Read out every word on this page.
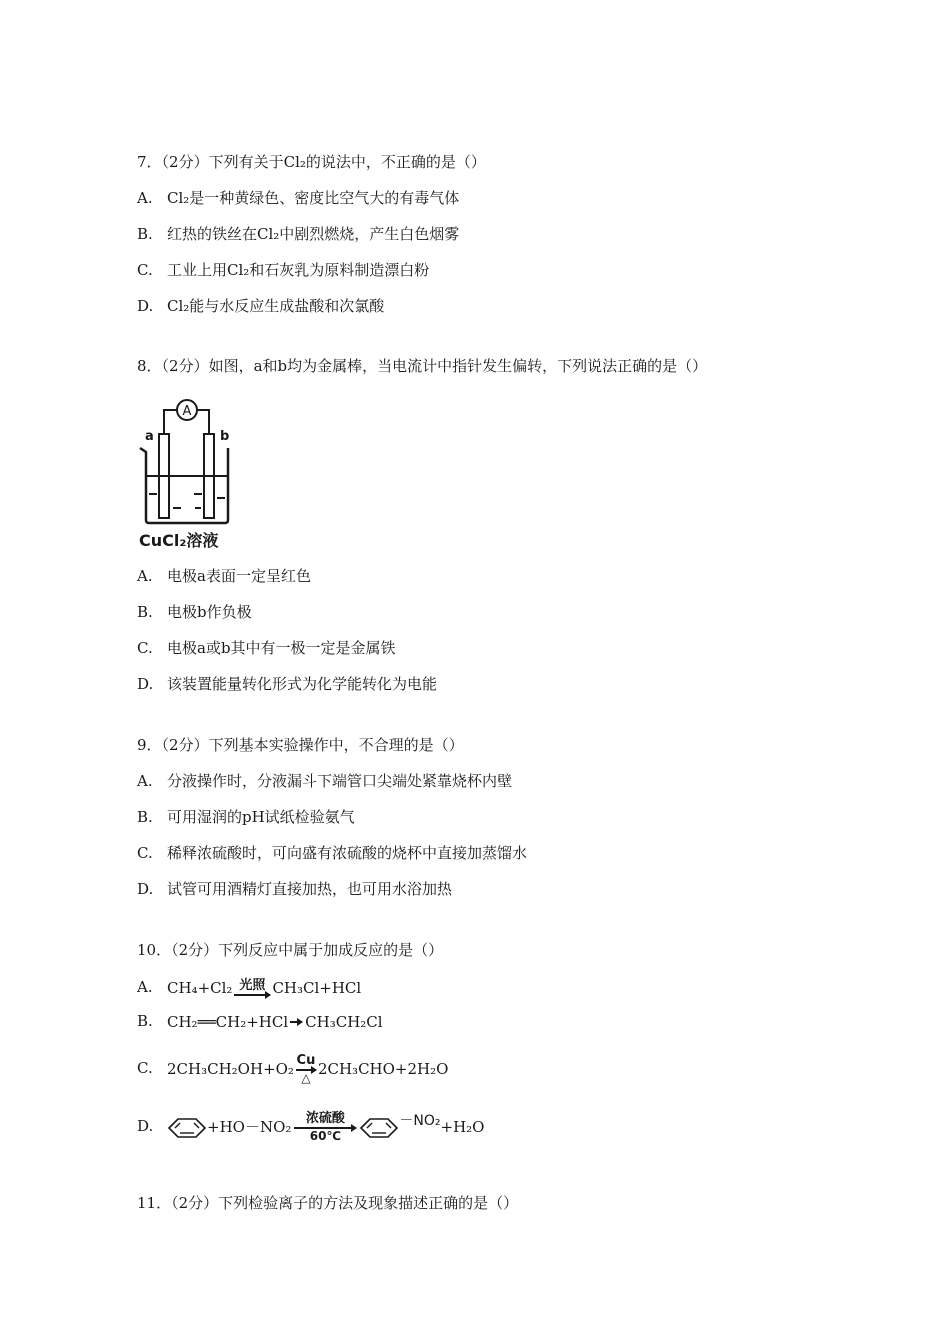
7．（2分）下列有关于Cl₂的说法中，不正确的是（）
A. Cl₂是一种黄绿色、密度比空气大的有毒气体
B. 红热的铁丝在Cl₂中剧烈燃烧，产生白色烟雾
C. 工业上用Cl₂和石灰乳为原料制造漂白粉
D. Cl₂能与水反应生成盐酸和次氯酸
8．（2分）如图，a和b均为金属棒，当电流计中指针发生偏转，下列说法正确的是（）
A
a	b
CuCl₂溶液
A. 电极a表面一定呈红色
B. 电极b作负极
C. 电极a或b其中有一极一定是金属铁
D. 该装置能量转化形式为化学能转化为电能
9．（2分）下列基本实验操作中，不合理的是（）
A. 分液操作时，分液漏斗下端管口尖端处紧靠烧杯内壁
B. 可用湿润的pH试纸检验氨气
C. 稀释浓硫酸时，可向盛有浓硫酸的烧杯中直接加蒸馏水
D. 试管可用酒精灯直接加热，也可用水浴加热
10．（2分）下列反应中属于加成反应的是（）
A. CH₄+Cl₂ 光照 CH₃Cl+HCl
B. CH₂══CH₂+HCl CH₃CH₂Cl
C. 2CH₃CH₂OH+O₂ Cu
△ 2CH₃CHO+2H₂O
D.	+HO－NO₂	浓硫酸
60℃
－NO₂+H₂O
11．（2分）下列检验离子的方法及现象描述正确的是（）
